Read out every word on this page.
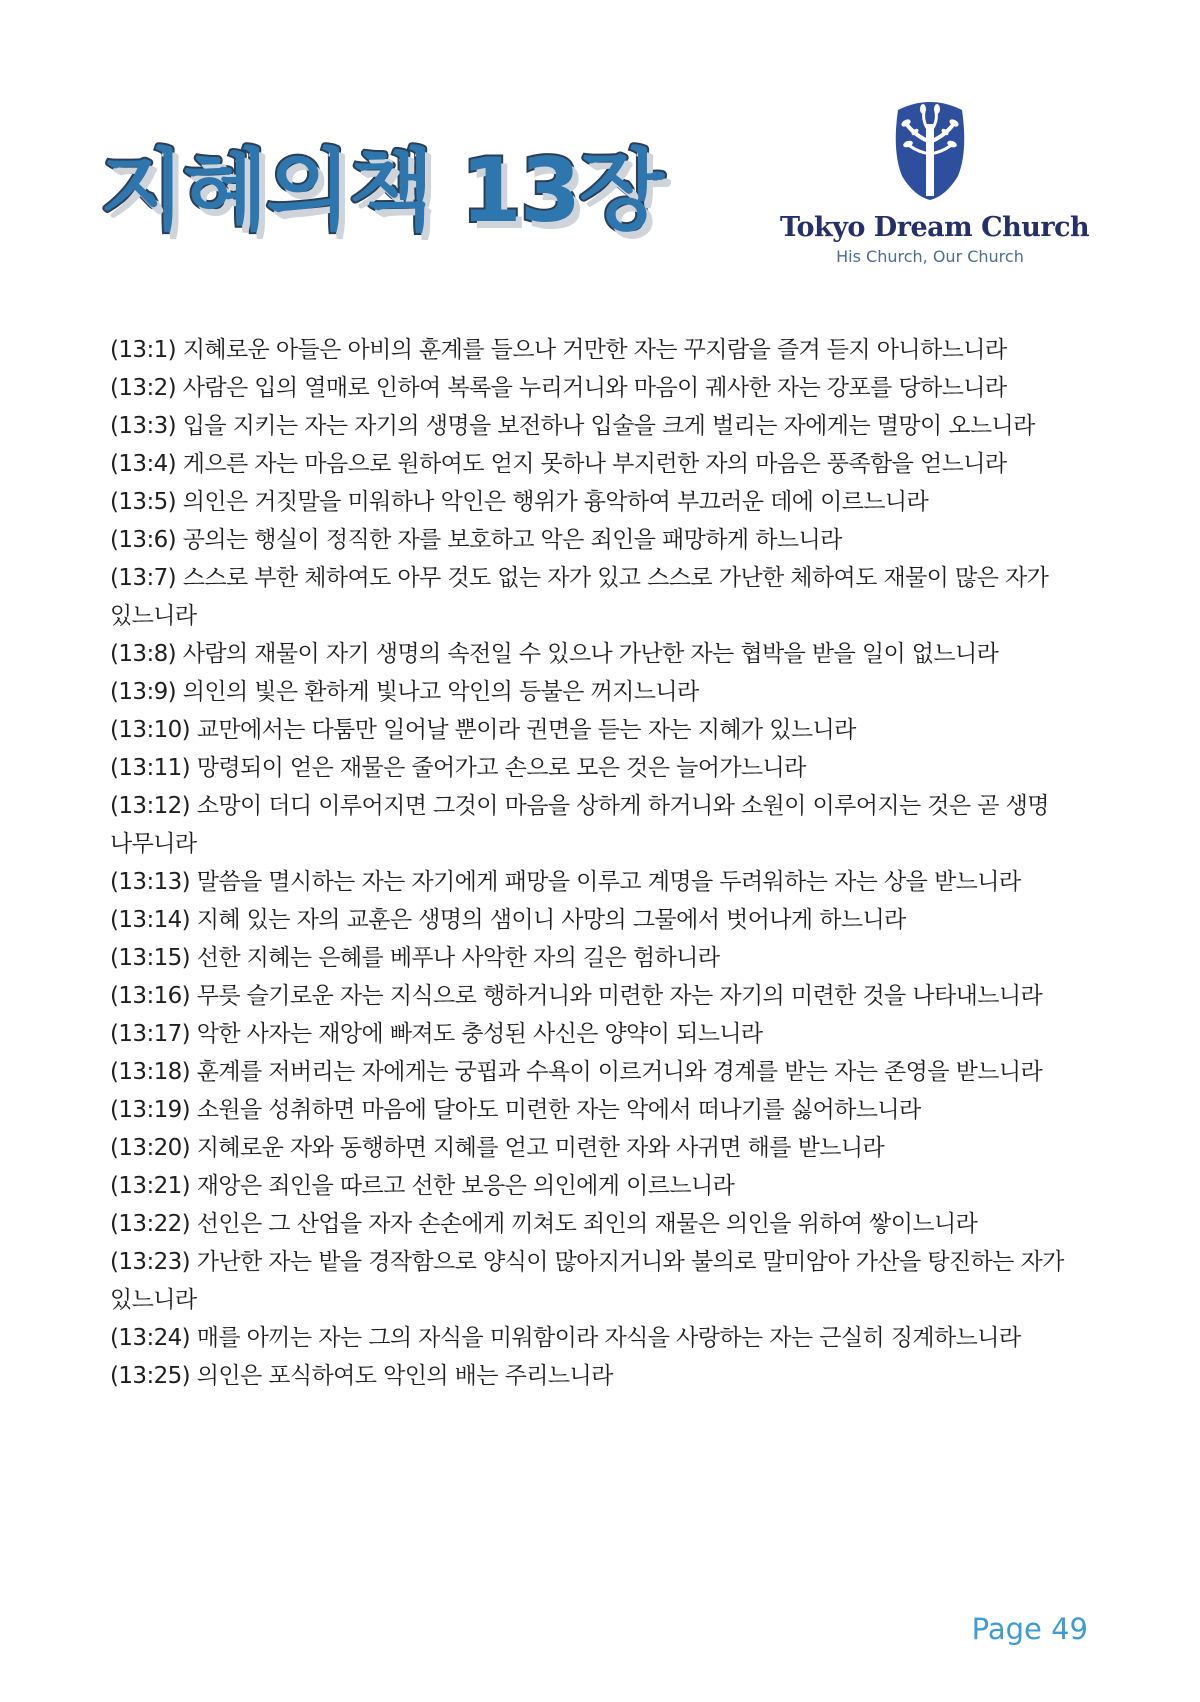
지혜의책 13장	Tokyo Dream Church
His Church, Our Church
(13:1) 지혜로운 아들은 아비의 훈계를 들으나 거만한 자는 꾸지람을 즐겨 듣지 아니하느니라
(13:2) 사람은 입의 열매로 인하여 복록을 누리거니와 마음이 궤사한 자는 강포를 당하느니라
(13:3) 입을 지키는 자는 자기의 생명을 보전하나 입술을 크게 벌리는 자에게는 멸망이 오느니라
(13:4) 게으른 자는 마음으로 원하여도 얻지 못하나 부지런한 자의 마음은 풍족함을 얻느니라
(13:5) 의인은 거짓말을 미워하나 악인은 행위가 흉악하여 부끄러운 데에 이르느니라
(13:6) 공의는 행실이 정직한 자를 보호하고 악은 죄인을 패망하게 하느니라
(13:7) 스스로 부한 체하여도 아무 것도 없는 자가 있고 스스로 가난한 체하여도 재물이 많은 자가 있느니라
(13:8) 사람의 재물이 자기 생명의 속전일 수 있으나 가난한 자는 협박을 받을 일이 없느니라
(13:9) 의인의 빛은 환하게 빛나고 악인의 등불은 꺼지느니라
(13:10) 교만에서는 다툼만 일어날 뿐이라 권면을 듣는 자는 지혜가 있느니라
(13:11) 망령되이 얻은 재물은 줄어가고 손으로 모은 것은 늘어가느니라
(13:12) 소망이 더디 이루어지면 그것이 마음을 상하게 하거니와 소원이 이루어지는 것은 곧 생명 나무니라
(13:13) 말씀을 멸시하는 자는 자기에게 패망을 이루고 계명을 두려워하는 자는 상을 받느니라
(13:14) 지혜 있는 자의 교훈은 생명의 샘이니 사망의 그물에서 벗어나게 하느니라
(13:15) 선한 지혜는 은혜를 베푸나 사악한 자의 길은 험하니라
(13:16) 무릇 슬기로운 자는 지식으로 행하거니와 미련한 자는 자기의 미련한 것을 나타내느니라
(13:17) 악한 사자는 재앙에 빠져도 충성된 사신은 양약이 되느니라
(13:18) 훈계를 저버리는 자에게는 궁핍과 수욕이 이르거니와 경계를 받는 자는 존영을 받느니라
(13:19) 소원을 성취하면 마음에 달아도 미련한 자는 악에서 떠나기를 싫어하느니라
(13:20) 지혜로운 자와 동행하면 지혜를 얻고 미련한 자와 사귀면 해를 받느니라
(13:21) 재앙은 죄인을 따르고 선한 보응은 의인에게 이르느니라
(13:22) 선인은 그 산업을 자자 손손에게 끼쳐도 죄인의 재물은 의인을 위하여 쌓이느니라
(13:23) 가난한 자는 밭을 경작함으로 양식이 많아지거니와 불의로 말미암아 가산을 탕진하는 자가 있느니라
(13:24) 매를 아끼는 자는 그의 자식을 미워함이라 자식을 사랑하는 자는 근실히 징계하느니라
(13:25) 의인은 포식하여도 악인의 배는 주리느니라
Page 49
